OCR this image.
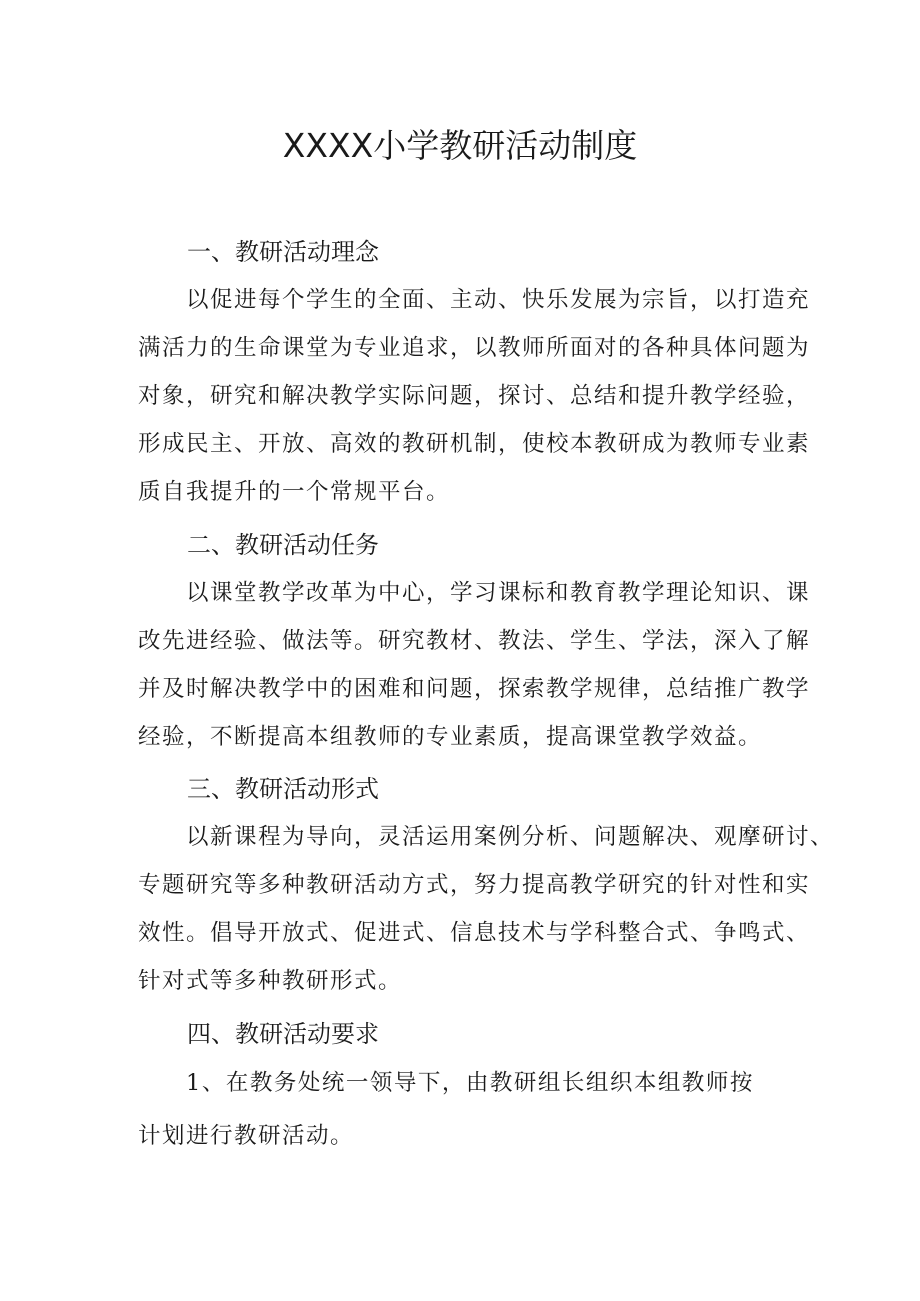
XXXX小学教研活动制度
一、教研活动理念
以促进每个学生的全面、主动、快乐发展为宗旨，以打造充
满活力的生命课堂为专业追求，以教师所面对的各种具体问题为
对象，研究和解决教学实际问题，探讨、总结和提升教学经验，
形成民主、开放、高效的教研机制，使校本教研成为教师专业素
质自我提升的一个常规平台。
二、教研活动任务
以课堂教学改革为中心，学习课标和教育教学理论知识、课
改先进经验、做法等。研究教材、教法、学生、学法，深入了解
并及时解决教学中的困难和问题，探索教学规律，总结推广教学
经验，不断提高本组教师的专业素质，提高课堂教学效益。
三、教研活动形式
以新课程为导向，灵活运用案例分析、问题解决、观摩研讨、
专题研究等多种教研活动方式，努力提高教学研究的针对性和实
效性。倡导开放式、促进式、信息技术与学科整合式、争鸣式、
针对式等多种教研形式。
四、教研活动要求
1、在教务处统一领导下，由教研组长组织本组教师按
计划进行教研活动。
